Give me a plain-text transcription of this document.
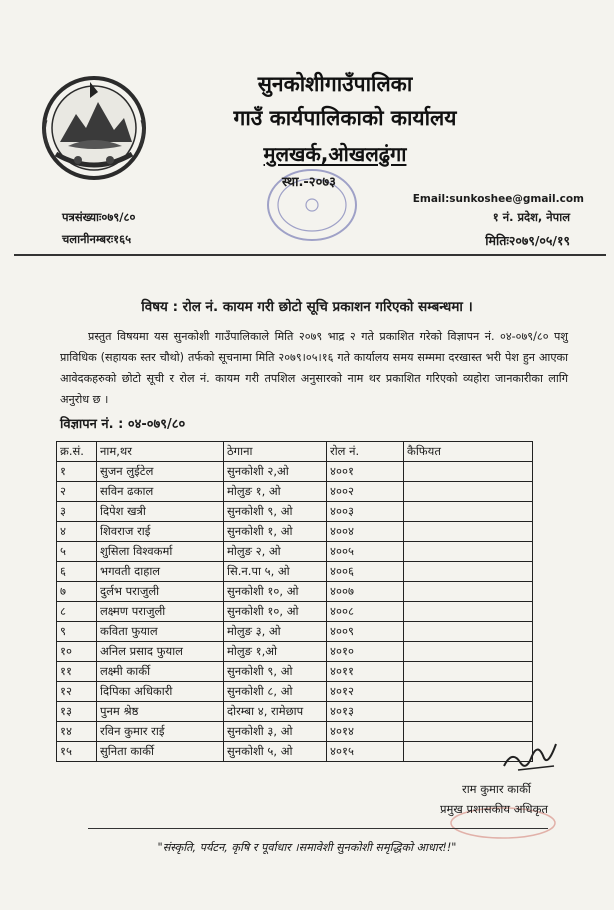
सुनकोशीगाउँपालिका
गाउँ कार्यपालिकाको कार्यालय
मुलखर्क,ओखलढुंगा
स्था.-२०७३
Email:sunkoshee@gmail.com
१ नं. प्रदेश, नेपाल
मितिः२०७९/०५/१९
पत्रसंख्याः०७९/८०
चलानीनम्बरः१६५
विषय : रोल नं. कायम गरी छोटो सूचि प्रकाशन गरिएको सम्बन्धमा ।
प्रस्तुत विषयमा यस सुनकोशी गाउँपालिकाले मिति २०७९ भाद्र २ गते प्रकाशित गरेको विज्ञापन नं. ०४-०७९/८० पशु प्राविधिक (सहायक स्तर चौथो) तर्फको सूचनामा मिति २०७९।०५।१६ गते कार्यालय समय सम्ममा दरखास्त भरी पेश हुन आएका आवेदकहरुको छोटो सूची र रोल नं. कायम गरी तपशिल अनुसारको नाम थर प्रकाशित गरिएको व्यहोरा जानकारीका लागि अनुरोध छ ।
विज्ञापन नं. : ०४-०७९/८०
क्र.सं.	नाम,थर	ठेगाना	रोल नं.	कैफियत
१	सुजन लुईटेल	सुनकोशी २,ओ	४००१	
२	सविन ढकाल	मोलुङ १, ओ	४००२	
३	दिपेश खत्री	सुनकोशी ९, ओ	४००३	
४	शिवराज राई	सुनकोशी १, ओ	४००४	
५	शुसिला विश्वकर्मा	मोलुङ २, ओ	४००५	
६	भगवती दाहाल	सि.न.पा ५, ओ	४००६	
७	दुर्लभ पराजुली	सुनकोशी १०, ओ	४००७	
८	लक्ष्मण पराजुली	सुनकोशी १०, ओ	४००८	
९	कविता फुयाल	मोलुङ ३, ओ	४००९	
१०	अनिल प्रसाद फुयाल	मोलुङ १,ओ	४०१०	
११	लक्ष्मी कार्की	सुनकोशी ९, ओ	४०११	
१२	दिपिका अधिकारी	सुनकोशी ८, ओ	४०१२	
१३	पुनम श्रेष्ठ	दोरम्बा ४, रामेछाप	४०१३	
१४	रविन कुमार राई	सुनकोशी ३, ओ	४०१४	
१५	सुनिता कार्की	सुनकोशी ५, ओ	४०१५	
राम कुमार कार्की
प्रमुख प्रशासकीय अधिकृत
"संस्कृति, पर्यटन, कृषि र पूर्वाधार ।समावेशी सुनकोशी समृद्धिको आधार!!"
